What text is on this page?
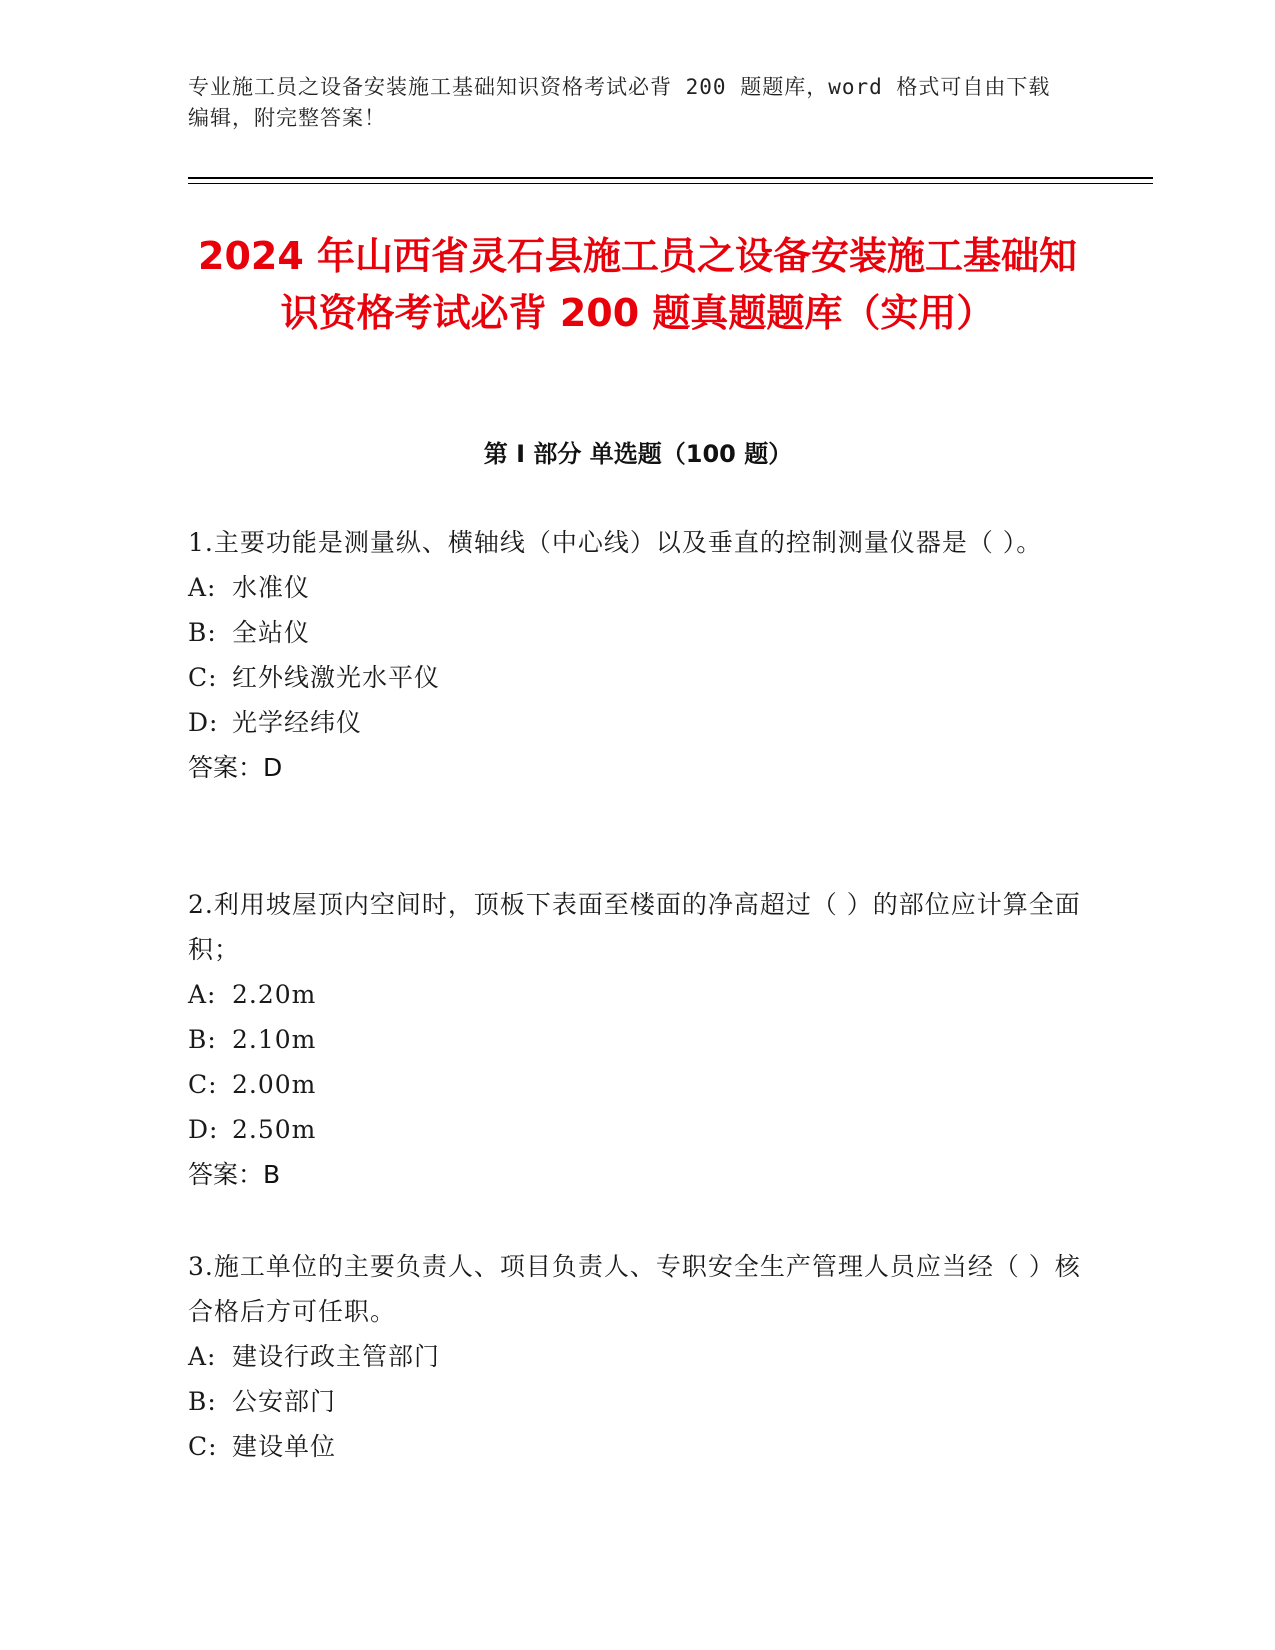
专业施工员之设备安装施工基础知识资格考试必背 200 题题库，word 格式可自由下载编辑，附完整答案！
2024 年山西省灵石县施工员之设备安装施工基础知识资格考试必背 200 题真题题库（实用）
第 I 部分 单选题（100 题）
1.主要功能是测量纵、横轴线（中心线）以及垂直的控制测量仪器是（ ）。
A: 水准仪
B: 全站仪
C: 红外线激光水平仪
D: 光学经纬仪
答案：D
2.利用坡屋顶内空间时，顶板下表面至楼面的净高超过（ ）的部位应计算全面积；
A: 2.20m
B: 2.10m
C: 2.00m
D: 2.50m
答案：B
3.施工单位的主要负责人、项目负责人、专职安全生产管理人员应当经（ ）核合格后方可任职。
A: 建设行政主管部门
B: 公安部门
C: 建设单位
